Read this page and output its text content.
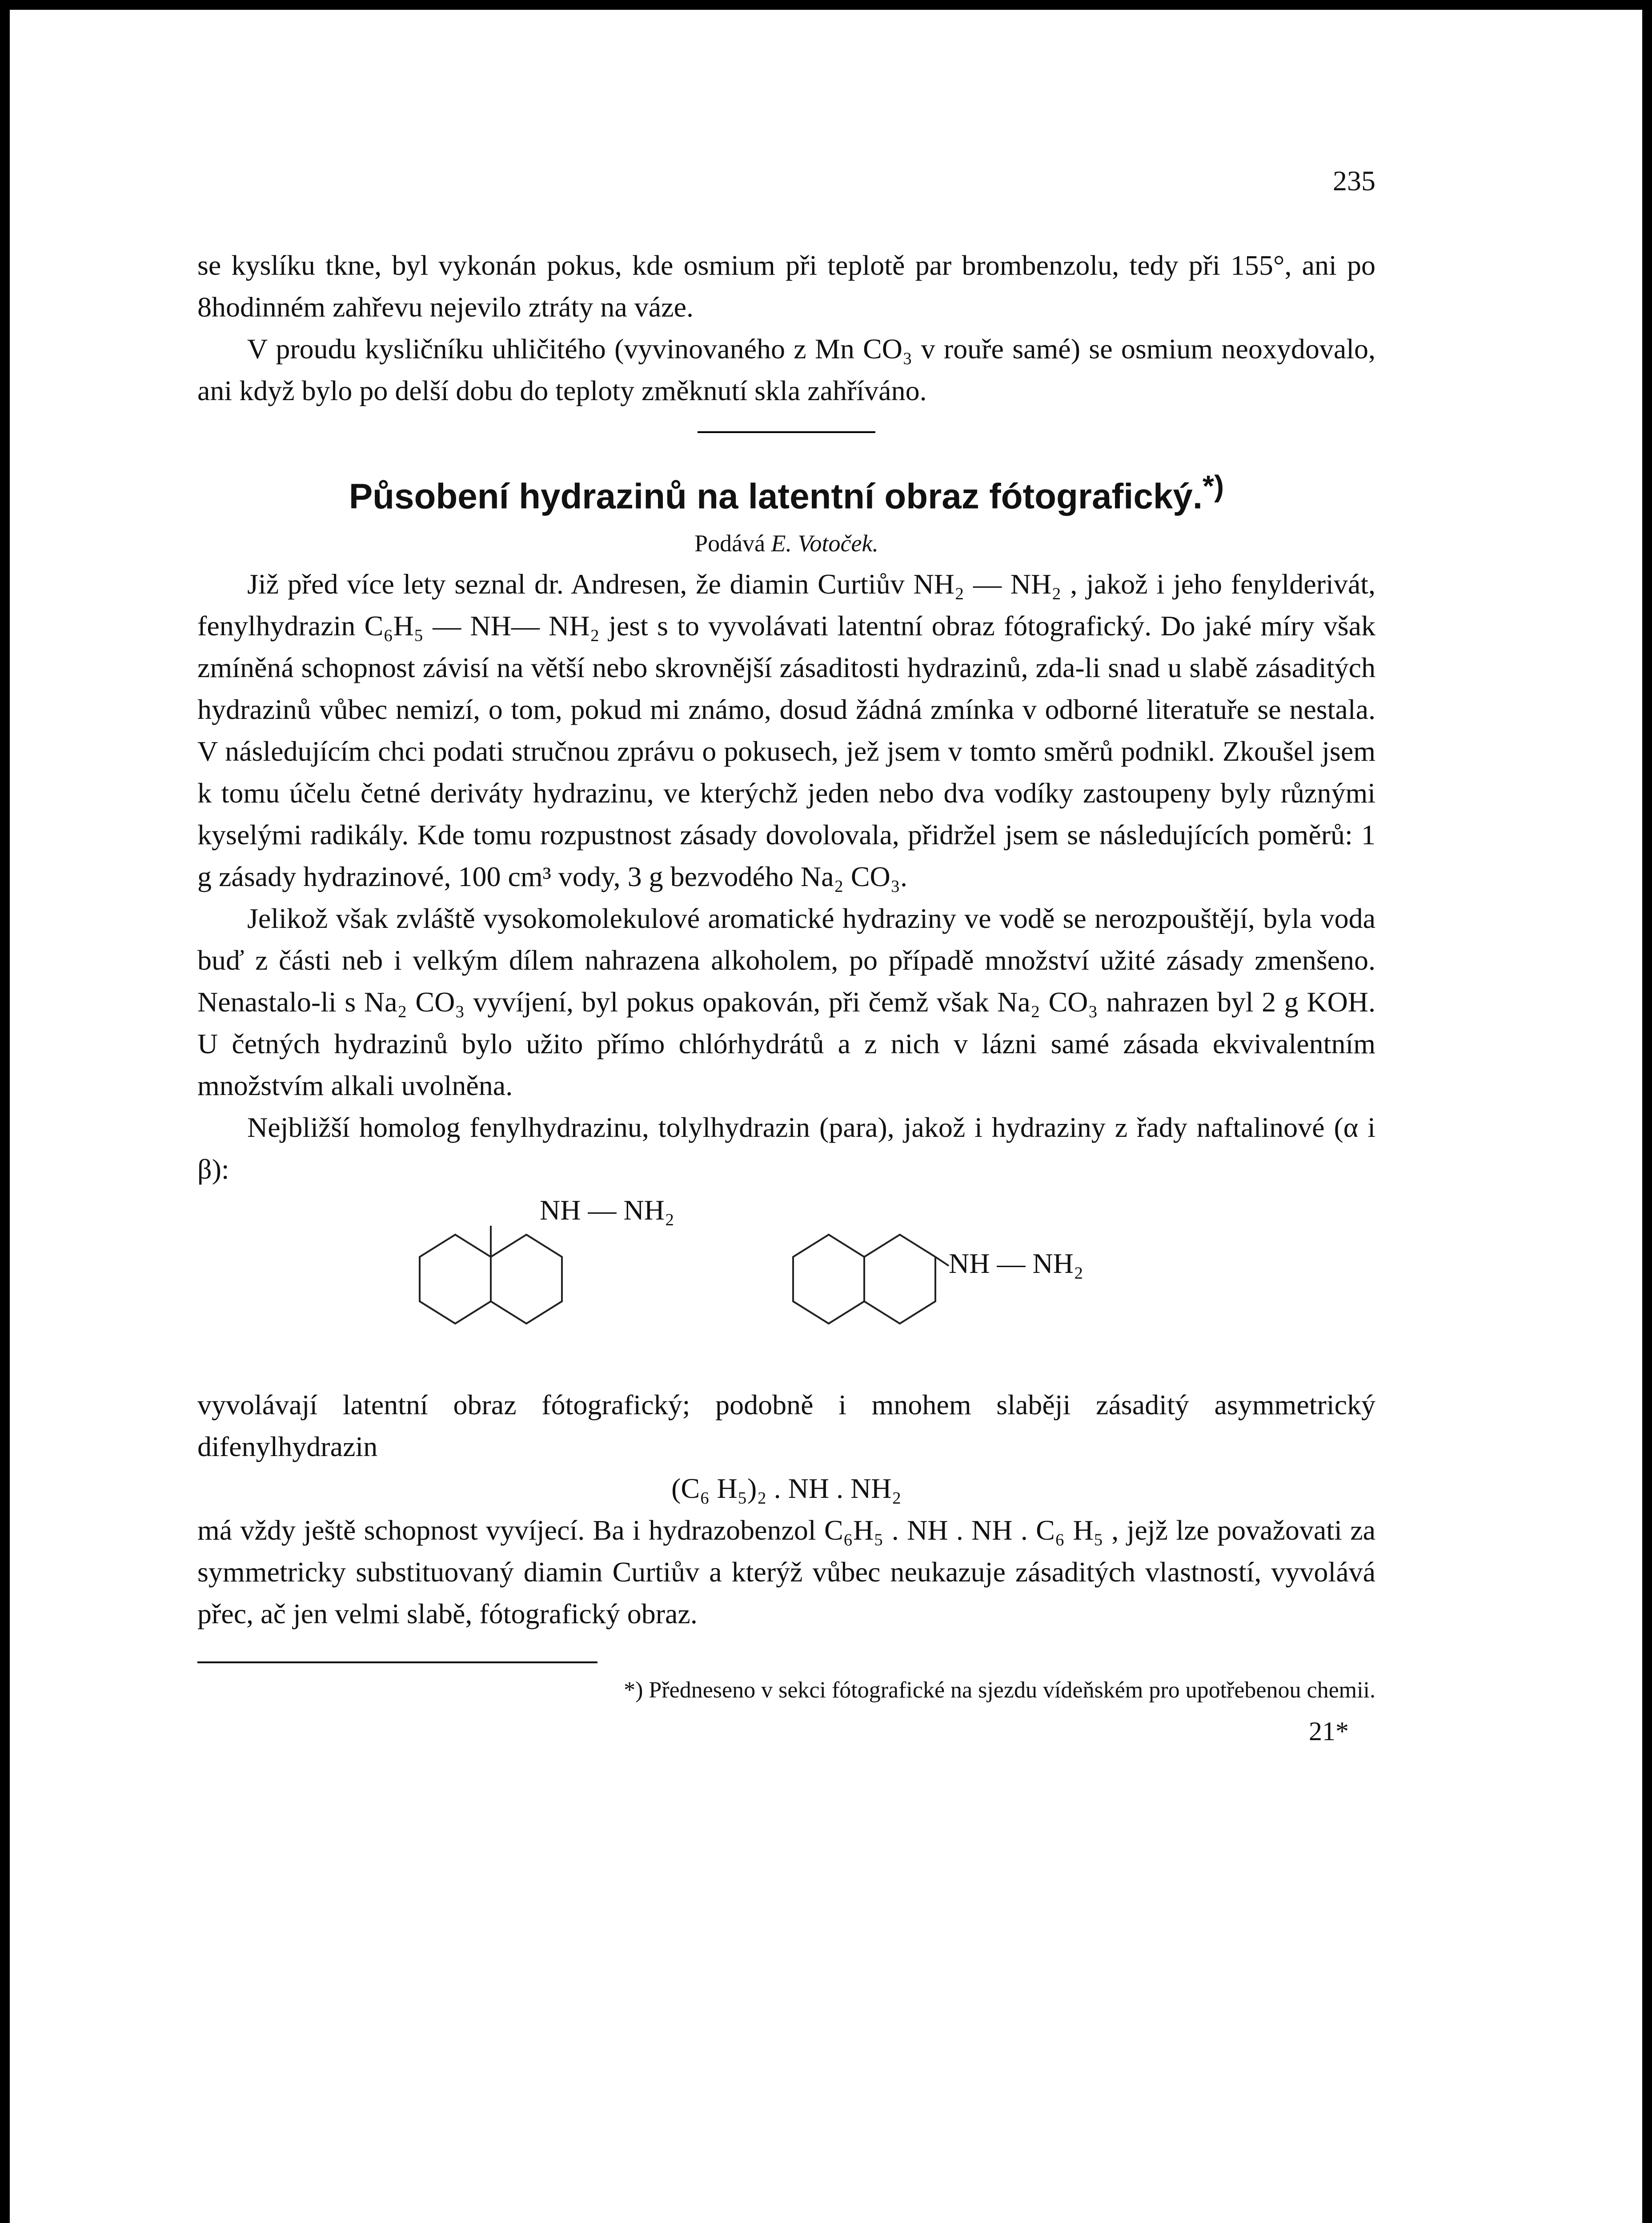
235

se kyslíku tkne, byl vykonán pokus, kde osmium při teplotě par brombenzolu, tedy při 155°, ani po 8hodinném zahřevu nejevilo ztráty na váze.

V proudu kysličníku uhličitého (vyvinovaného z Mn CO₃ v rouře samé) se osmium neoxydovalo, ani když bylo po delší dobu do teploty změknutí skla zahříváno.

Působení hydrazinů na latentní obraz fótografický.*)

Podává E. Votoček.

Již před více lety seznal dr. Andresen, že diamin Curtiův NH₂ — NH₂ , jakož i jeho fenylderivát, fenylhydrazin C₆H₅ — NH— NH₂ jest s to vyvolávati latentní obraz fótografický. Do jaké míry však zmíněná schopnost závisí na větší nebo skrovnější zásaditosti hydrazinů, zda-li snad u slabě zásaditých hydrazinů vůbec nemizí, o tom, pokud mi známo, dosud žádná zmínka v odborné literatuře se nestala. V následujícím chci podati stručnou zprávu o pokusech, jež jsem v tomto směrů podnikl. Zkoušel jsem k tomu účelu četné deriváty hydrazinu, ve kterýchž jeden nebo dva vodíky zastoupeny byly různými kyselými radikály. Kde tomu rozpustnost zásady dovolovala, přidržel jsem se následujících poměrů: 1 g zásady hydrazinové, 100 cm³ vody, 3 g bezvodého Na₂ CO₃.

Jelikož však zvláště vysokomolekulové aromatické hydraziny ve vodě se nerozpouštějí, byla voda buď z části neb i velkým dílem nahrazena alkoholem, po případě množství užité zásady zmenšeno. Nenastalo-li s Na₂ CO₃ vyvíjení, byl pokus opakován, při čemž však Na₂ CO₃ nahrazen byl 2 g KOH. U četných hydrazinů bylo užito přímo chlórhydrátů a z nich v lázni samé zásada ekvivalentním množstvím alkali uvolněna.

Nejbližší homolog fenylhydrazinu, tolylhydrazin (para), jakož i hydraziny z řady naftalinové (α i β):

NH — NH₂
NH — NH₂

vyvolávají latentní obraz fótografický; podobně i mnohem slaběji zásaditý asymmetrický difenylhydrazin

(C₆ H₅)₂ . NH . NH₂

má vždy ještě schopnost vyvíjecí. Ba i hydrazobenzol C₆H₅ . NH . NH . C₆ H₅ , jejž lze považovati za symmetricky substituovaný diamin Curtiův a kterýž vůbec neukazuje zásaditých vlastností, vyvolává přec, ač jen velmi slabě, fótografický obraz.

*) Předneseno v sekci fótografické na sjezdu vídeňském pro upotřebenou chemii.

21*
